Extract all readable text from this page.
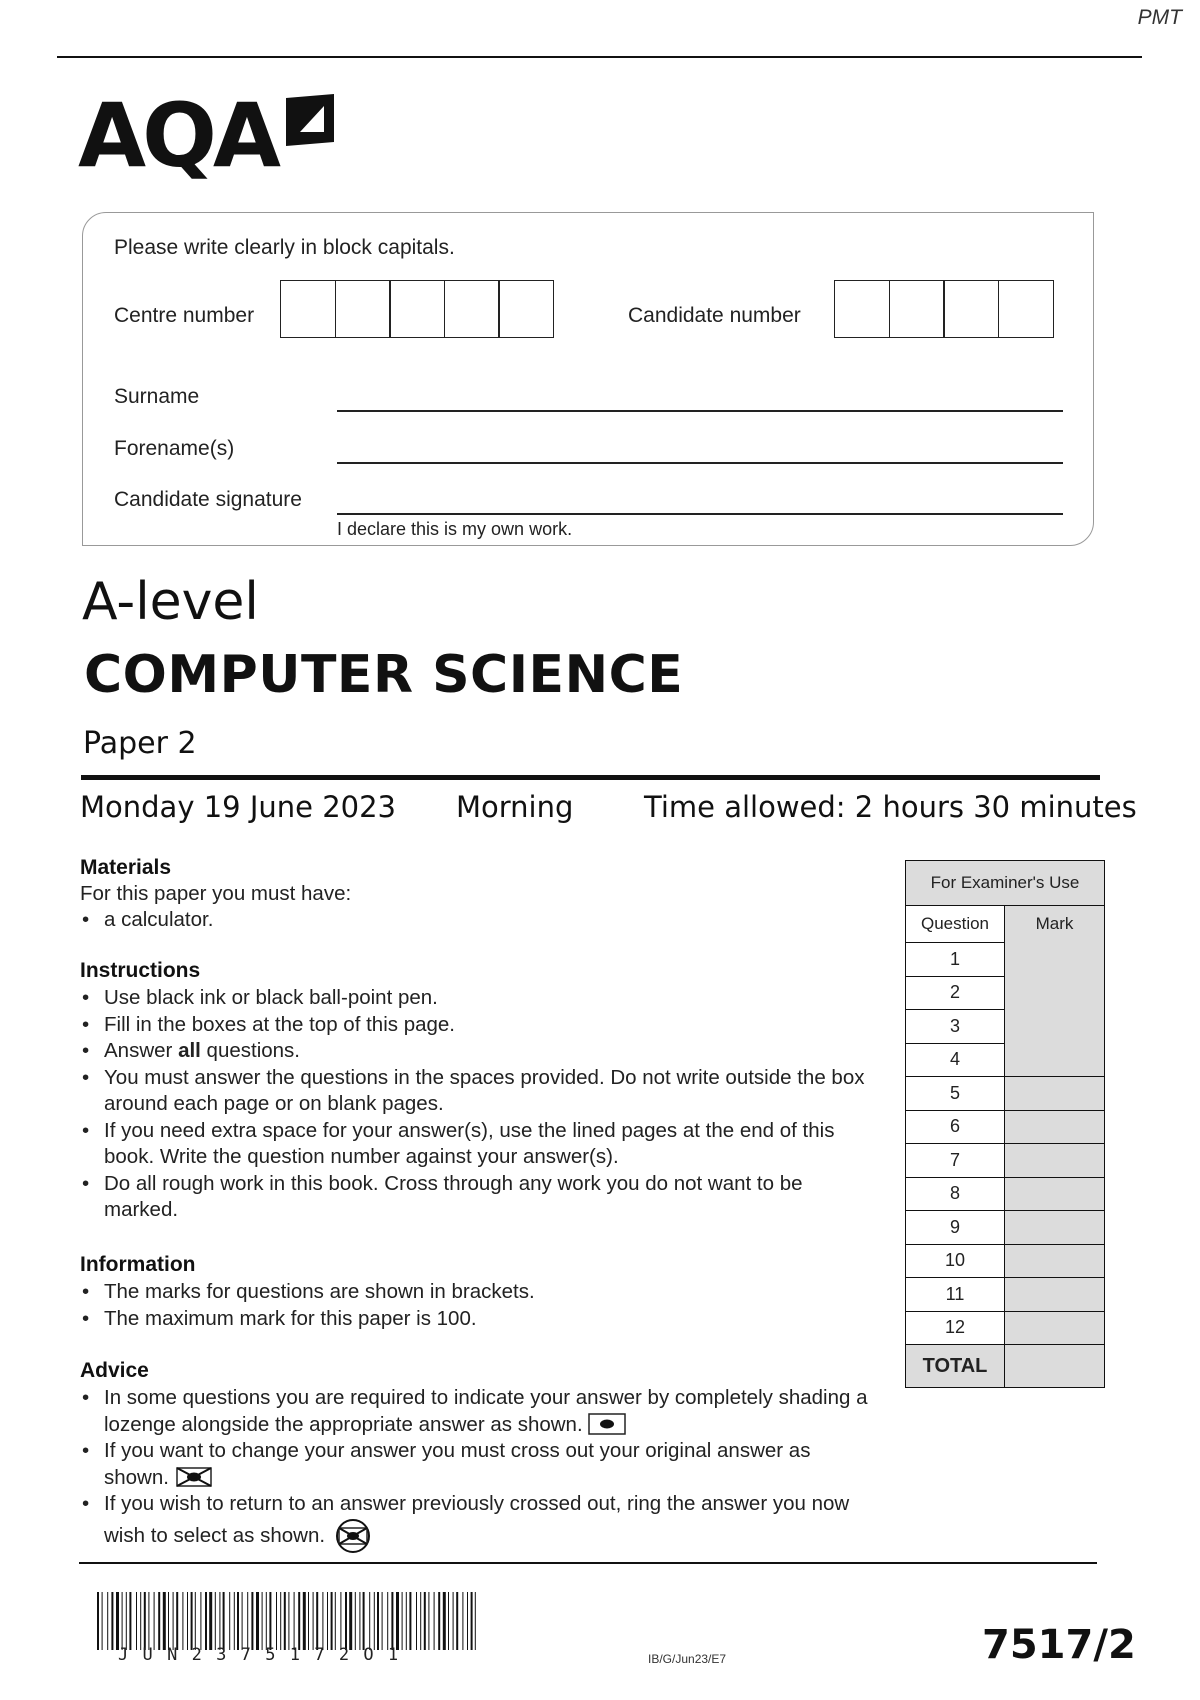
PMT
AQA
Please write clearly in block capitals.
Centre number	Candidate number
Surname
Forename(s)
Candidate signature
I declare this is my own work.
A-level
COMPUTER SCIENCE
Paper 2
Monday 19 June 2023 Morning Time allowed: 2 hours 30 minutes
Materials
For this paper you must have:
• a calculator.
Instructions
• Use black ink or black ball-point pen.
• Fill in the boxes at the top of this page.
• Answer all questions.
• You must answer the questions in the spaces provided. Do not write outside the box around each page or on blank pages.
• If you need extra space for your answer(s), use the lined pages at the end of this book. Write the question number against your answer(s).
• Do all rough work in this book. Cross through any work you do not want to be marked.
Information
• The marks for questions are shown in brackets.
• The maximum mark for this paper is 100.
Advice
• In some questions you are required to indicate your answer by completely shading a lozenge alongside the appropriate answer as shown.
• If you want to change your answer you must cross out your original answer as shown.
• If you wish to return to an answer previously crossed out, ring the answer you now wish to select as shown.
For Examiner's Use	
Question	Mark
1	
2	
3	
4	
5	
6	
7	
8	
9	
10	
11	
12	
TOTAL	
JUN2375172O1	IB/G/Jun23/E7	7517/2
